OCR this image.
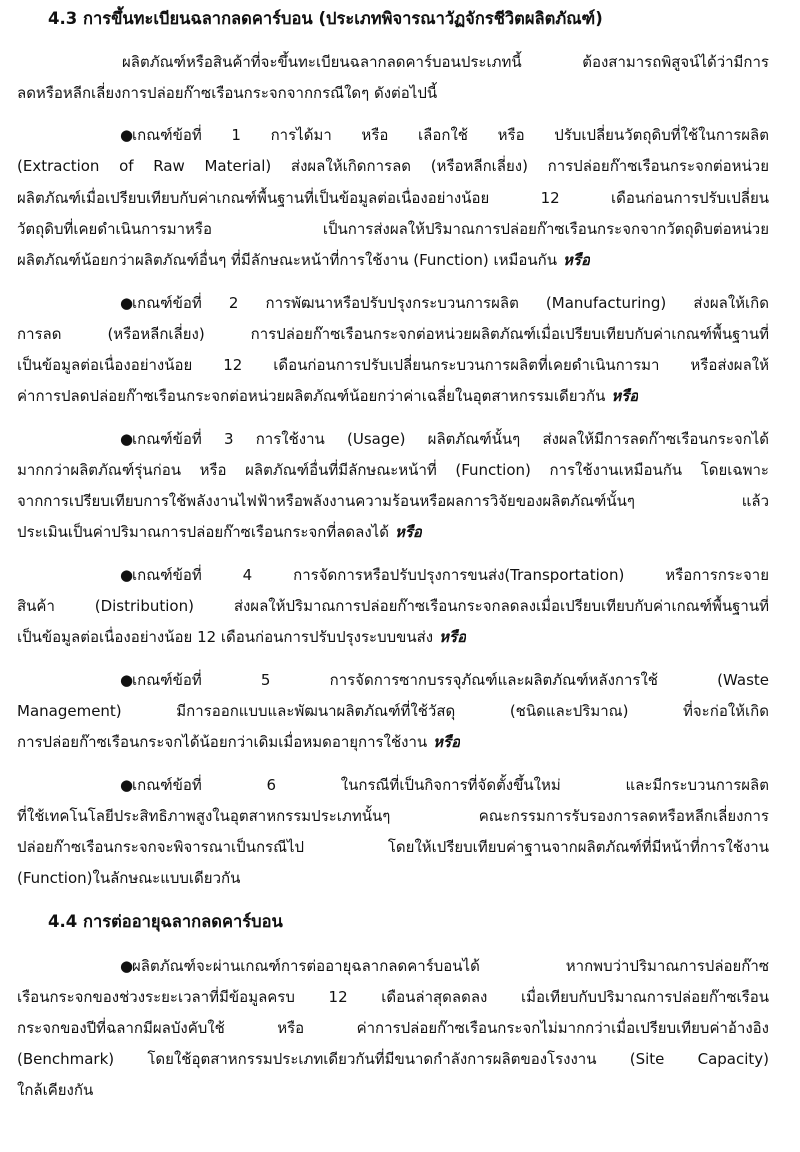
4.3 การขึ้นทะเบียนฉลากลดคาร์บอน (ประเภทพิจารณาวัฏจักรชีวิตผลิตภัณฑ์)
ผลิตภัณฑ์หรือสินค้าที่จะขึ้นทะเบียนฉลากลดคาร์บอนประเภทนี้ ต้องสามารถพิสูจน์ได้ว่ามีการ
ลดหรือหลีกเลี่ยงการปล่อยก๊าซเรือนกระจกจากกรณีใดๆ ดังต่อไปนี้
●
เกณฑ์ข้อที่ 1 การได้มา หรือ เลือกใช้ หรือ ปรับเปลี่ยนวัตถุดิบที่ใช้ในการผลิต
(Extraction of Raw Material) ส่งผลให้เกิดการลด (หรือหลีกเลี่ยง) การปล่อยก๊าซเรือนกระจกต่อหน่วย
ผลิตภัณฑ์เมื่อเปรียบเทียบกับค่าเกณฑ์พื้นฐานที่เป็นข้อมูลต่อเนื่องอย่างน้อย 12 เดือนก่อนการปรับเปลี่ยน
วัตถุดิบที่เคยดำเนินการมาหรือ เป็นการส่งผลให้ปริมาณการปล่อยก๊าซเรือนกระจกจากวัตถุดิบต่อหน่วย
ผลิตภัณฑ์น้อยกว่าผลิตภัณฑ์อื่นๆ ที่มีลักษณะหน้าที่การใช้งาน (Function) เหมือนกัน หรือ
●
เกณฑ์ข้อที่ 2 การพัฒนาหรือปรับปรุงกระบวนการผลิต (Manufacturing) ส่งผลให้เกิด
การลด (หรือหลีกเลี่ยง) การปล่อยก๊าซเรือนกระจกต่อหน่วยผลิตภัณฑ์เมื่อเปรียบเทียบกับค่าเกณฑ์พื้นฐานที่
เป็นข้อมูลต่อเนื่องอย่างน้อย 12 เดือนก่อนการปรับเปลี่ยนกระบวนการผลิตที่เคยดำเนินการมา หรือส่งผลให้
ค่าการปลดปล่อยก๊าซเรือนกระจกต่อหน่วยผลิตภัณฑ์น้อยกว่าค่าเฉลี่ยในอุตสาหกรรมเดียวกัน หรือ
●
เกณฑ์ข้อที่ 3 การใช้งาน (Usage) ผลิตภัณฑ์นั้นๆ ส่งผลให้มีการลดก๊าซเรือนกระจกได้
มากกว่าผลิตภัณฑ์รุ่นก่อน หรือ ผลิตภัณฑ์อื่นที่มีลักษณะหน้าที่ (Function) การใช้งานเหมือนกัน โดยเฉพาะ
จากการเปรียบเทียบการใช้พลังงานไฟฟ้าหรือพลังงานความร้อนหรือผลการวิจัยของผลิตภัณฑ์นั้นๆ แล้ว
ประเมินเป็นค่าปริมาณการปล่อยก๊าซเรือนกระจกที่ลดลงได้ หรือ
●
เกณฑ์ข้อที่ 4 การจัดการหรือปรับปรุงการขนส่ง(Transportation) หรือการกระจาย
สินค้า (Distribution) ส่งผลให้ปริมาณการปล่อยก๊าซเรือนกระจกลดลงเมื่อเปรียบเทียบกับค่าเกณฑ์พื้นฐานที่
เป็นข้อมูลต่อเนื่องอย่างน้อย 12 เดือนก่อนการปรับปรุงระบบขนส่ง หรือ
●
เกณฑ์ข้อที่ 5 การจัดการซากบรรจุภัณฑ์และผลิตภัณฑ์หลังการใช้ (Waste
Management) มีการออกแบบและพัฒนาผลิตภัณฑ์ที่ใช้วัสดุ (ชนิดและปริมาณ) ที่จะก่อให้เกิด
การปล่อยก๊าซเรือนกระจกได้น้อยกว่าเดิมเมื่อหมดอายุการใช้งาน หรือ
●
เกณฑ์ข้อที่ 6 ในกรณีที่เป็นกิจการที่จัดตั้งขึ้นใหม่ และมีกระบวนการผลิต
ที่ใช้เทคโนโลยีประสิทธิภาพสูงในอุตสาหกรรมประเภทนั้นๆ คณะกรรมการรับรองการลดหรือหลีกเลี่ยงการ
ปล่อยก๊าซเรือนกระจกจะพิจารณาเป็นกรณีไป โดยให้เปรียบเทียบค่าฐานจากผลิตภัณฑ์ที่มีหน้าที่การใช้งาน
(Function)ในลักษณะแบบเดียวกัน
4.4 การต่ออายุฉลากลดคาร์บอน
●
ผลิตภัณฑ์จะผ่านเกณฑ์การต่ออายุฉลากลดคาร์บอนได้ หากพบว่าปริมาณการปล่อยก๊าซ
เรือนกระจกของช่วงระยะเวลาที่มีข้อมูลครบ 12 เดือนล่าสุดลดลง เมื่อเทียบกับปริมาณการปล่อยก๊าซเรือน
กระจกของปีที่ฉลากมีผลบังคับใช้ หรือ ค่าการปล่อยก๊าซเรือนกระจกไม่มากกว่าเมื่อเปรียบเทียบค่าอ้างอิง
(Benchmark) โดยใช้อุตสาหกรรมประเภทเดียวกันที่มีขนาดกำลังการผลิตของโรงงาน (Site Capacity)
ใกล้เคียงกัน
